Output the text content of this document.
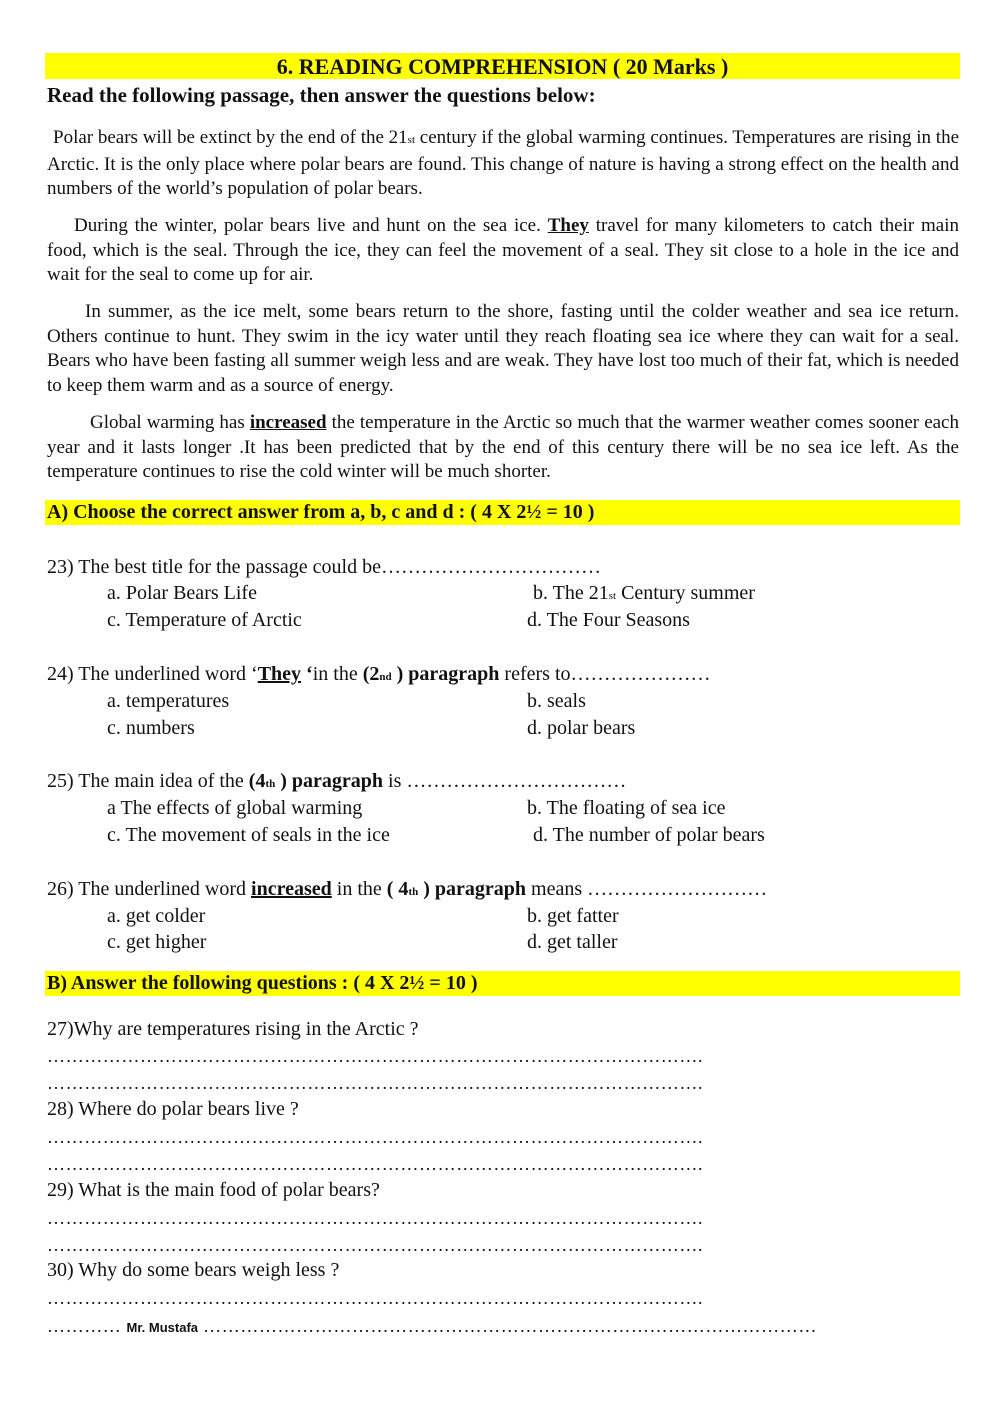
6. READING COMPREHENSION ( 20 Marks )
Read the following passage, then answer the questions below:
Polar bears will be extinct by the end of the 21st century if the global warming continues. Temperatures are rising in the Arctic. It is the only place where polar bears are found. This change of nature is having a strong effect on the health and numbers of the world’s population of polar bears.
During the winter, polar bears live and hunt on the sea ice. They travel for many kilometers to catch their main food, which is the seal. Through the ice, they can feel the movement of a seal. They sit close to a hole in the ice and wait for the seal to come up for air.
In summer, as the ice melt, some bears return to the shore, fasting until the colder weather and sea ice return. Others continue to hunt. They swim in the icy water until they reach floating sea ice where they can wait for a seal. Bears who have been fasting all summer weigh less and are weak. They have lost too much of their fat, which is needed to keep them warm and as a source of energy.
Global warming has increased the temperature in the Arctic so much that the warmer weather comes sooner each year and it lasts longer .It has been predicted that by the end of this century there will be no sea ice left. As the temperature continues to rise the cold winter will be much shorter.
A) Choose the correct answer from a, b, c and d : ( 4 X 2½ = 10 )
23) The best title for the passage could be……………………………
a. Polar Bears Life	b. The 21st Century summer
c. Temperature of Arctic	d. The Four Seasons
24) The underlined word ‘They ‘in the (2nd ) paragraph refers to…………………
a. temperatures	b. seals
c. numbers	d. polar bears
25) The main idea of the (4th ) paragraph is ……………………………
a The effects of global warming	b. The floating of sea ice
c. The movement of seals in the ice	d. The number of polar bears
26) The underlined word increased in the ( 4th ) paragraph means ………………………
a. get colder	b. get fatter
c. get higher	d. get taller
B) Answer the following questions : ( 4 X 2½ = 10 )
27)Why are temperatures rising in the Arctic ?
…………………………………………………………………………………………….
…………………………………………………………………………………………….
28) Where do polar bears live ?
…………………………………………………………………………………………….
…………………………………………………………………………………………….
29) What is the main food of polar bears?
…………………………………………………………………………………………….
…………………………………………………………………………………………….
30) Why do some bears weigh less ?
…………………………………………………………………………………………….
………… Mr. Mustafa ………………………………………………………………………………………
